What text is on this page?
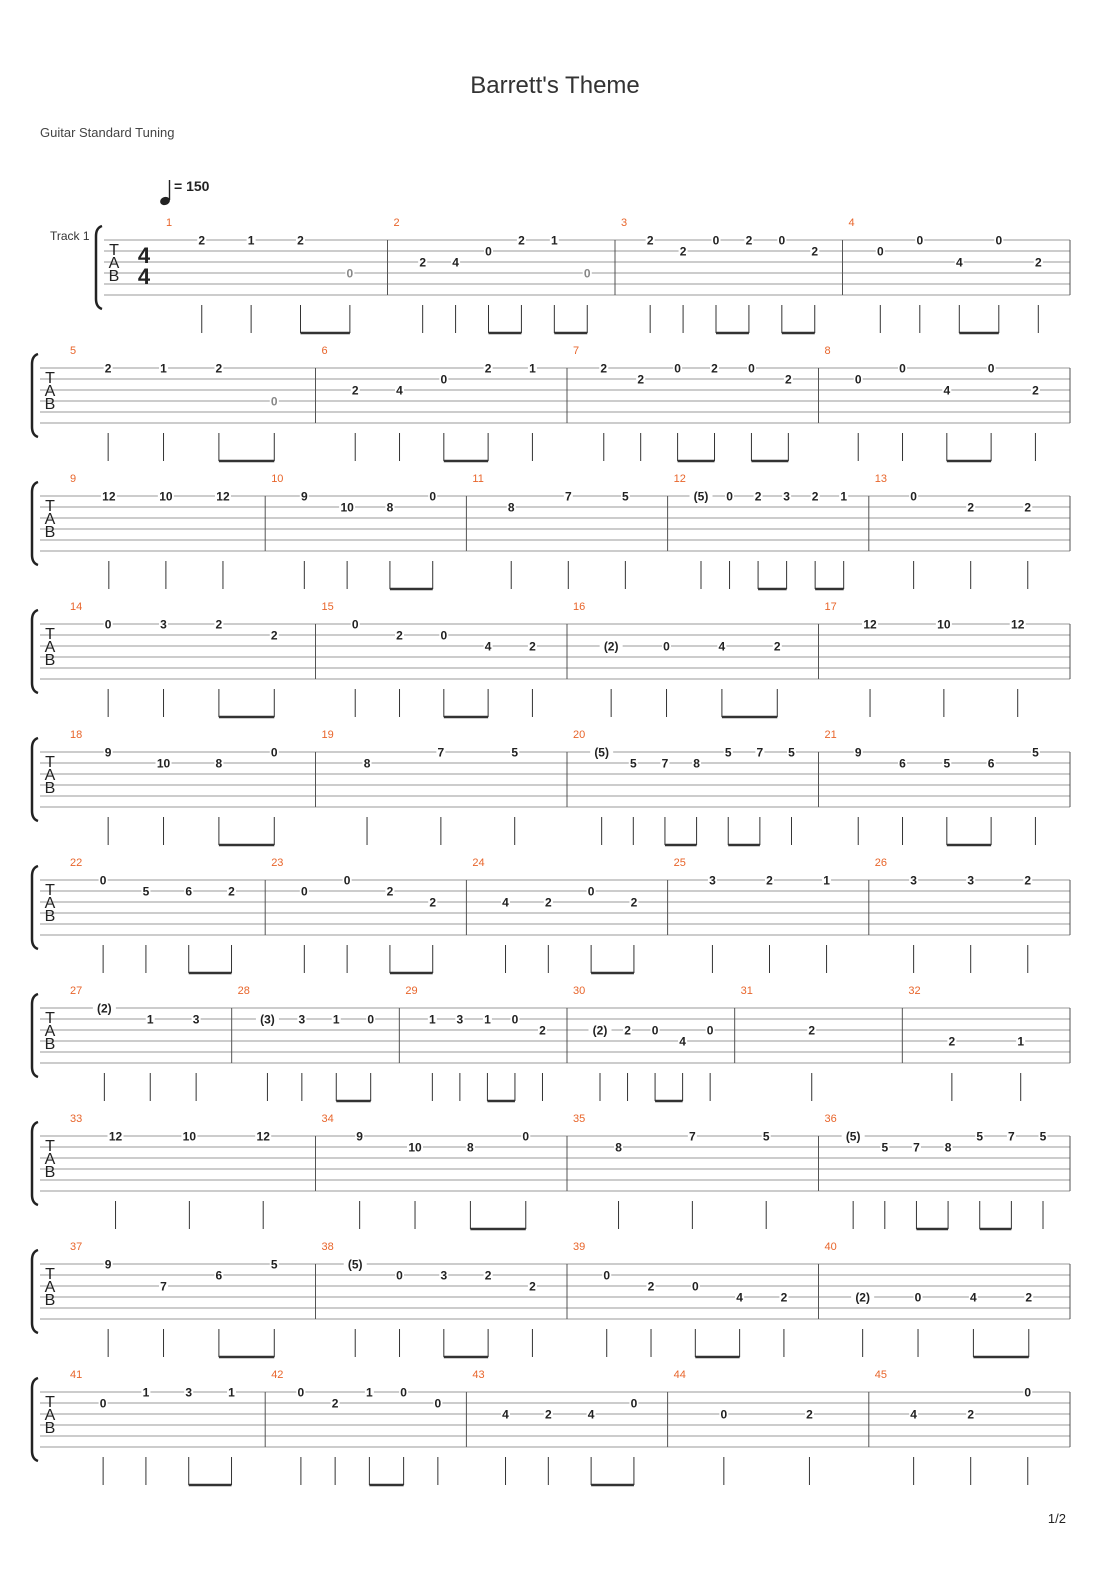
Barrett's Theme
Guitar Standard Tuning
= 150
Track 1
T
A
B
4
4
1
2	1	2
0
2
2 4
0
2 1
0
3
2
2
0 2 0
2
4
0
0
4
0
2
T
A
B
5
2	1	2
0
6
2	4
0
2	1
7
2
2
0	2	0
2
8
0
0
4
0
2
T
A
B
9
12	10	12
10
9
10	8
0
11
8
7	5
12
(5) 0 2 3 2 1
13
0
2	2
T
A
B
14
0	3	2
2
15
0
2	0
4	2
16
(2)	0	4	2
17
12	10	12
T
A
B
18
9
10	8
0
19
8
7	5
20
(5)
5 7 8
5 7 5
21
9
6	5	6
5
T
A
B
22
0
5	6	2
23
0
0
2
2
24
4	2
0
2
25
3	2	1
26
3	3	2
T
A
B
27
(2)
1	3
28
(3) 3 1 0
29
1 3 1 0
2
30
(2) 2 0
4
0
31
2
32
2	1
T
A
B
33
12	10	12
34
9
10	8
0
35
8
7	5
36
(5)
5 7 8
5 7 5
T
A
B
37
9
7
6
5
38
(5)
0	3	2
2
39
0
2	0
4	2
40
(2)	0	4	2
T
A
B
41
0
1	3	1
42
0
2
1 0
0
43
4	2	4
0
44
0	2
45
4	2
0
1/2
